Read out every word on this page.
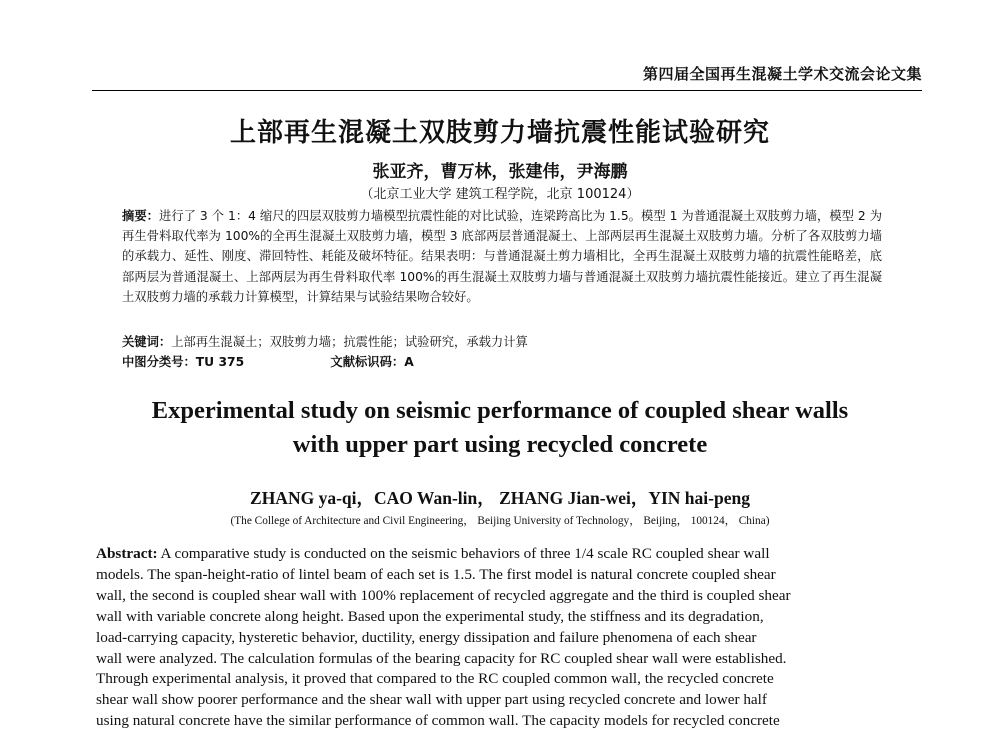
第四届全国再生混凝土学术交流会论文集
上部再生混凝土双肢剪力墙抗震性能试验研究
张亚齐，曹万林，张建伟，尹海鹏
（北京工业大学 建筑工程学院，北京 100124）
摘要：进行了 3 个 1：4 缩尺的四层双肢剪力墙模型抗震性能的对比试验，连梁跨高比为 1.5。模型 1 为普通混凝土双肢剪力墙，模型 2 为再生骨料取代率为 100%的全再生混凝土双肢剪力墙，模型 3 底部两层普通混凝土、上部两层再生混凝土双肢剪力墙。分析了各双肢剪力墙的承载力、延性、刚度、滞回特性、耗能及破坏特征。结果表明：与普通混凝土剪力墙相比，全再生混凝土双肢剪力墙的抗震性能略差，底部两层为普通混凝土、上部两层为再生骨料取代率 100%的再生混凝土双肢剪力墙与普通混凝土双肢剪力墙抗震性能接近。建立了再生混凝土双肢剪力墙的承载力计算模型，计算结果与试验结果吻合较好。
关键词：上部再生混凝土；双肢剪力墙；抗震性能；试验研究，承载力计算
中图分类号：TU 375	文献标识码：A
Experimental study on seismic performance of coupled shear walls
with upper part using recycled concrete
ZHANG ya-qi，CAO Wan-lin， ZHANG Jian-wei，YIN hai-peng
(The College of Architecture and Civil Engineering， Beijing University of Technology， Beijing， 100124， China)
Abstract: A comparative study is conducted on the seismic behaviors of three 1/4 scale RC coupled shear wall
models. The span-height-ratio of lintel beam of each set is 1.5. The first model is natural concrete coupled shear
wall, the second is coupled shear wall with 100% replacement of recycled aggregate and the third is coupled shear
wall with variable concrete along height. Based upon the experimental study, the stiffness and its degradation,
load-carrying capacity, hysteretic behavior, ductility, energy dissipation and failure phenomena of each shear
wall were analyzed. The calculation formulas of the bearing capacity for RC coupled shear wall were established.
Through experimental analysis, it proved that compared to the RC coupled common wall, the recycled concrete
shear wall show poorer performance and the shear wall with upper part using recycled concrete and lower half
using natural concrete have the similar performance of common wall. The capacity models for recycled concrete
